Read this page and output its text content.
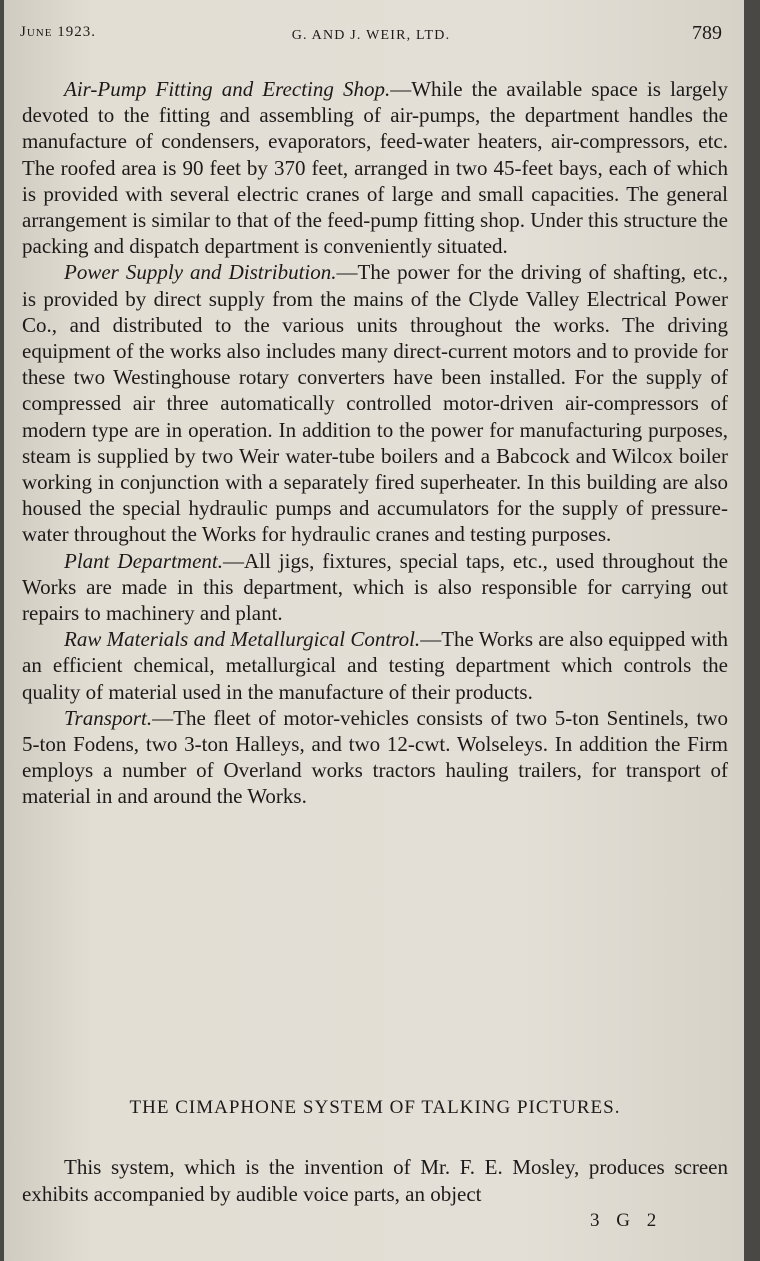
June 1923.	G. AND J. WEIR, LTD.	789

Air-Pump Fitting and Erecting Shop.—While the available space is largely devoted to the fitting and assembling of air-pumps, the department handles the manufacture of condensers, evaporators, feed-water heaters, air-compressors, etc. The roofed area is 90 feet by 370 feet, arranged in two 45-feet bays, each of which is provided with several electric cranes of large and small capacities. The general arrangement is similar to that of the feed-pump fitting shop. Under this structure the packing and dispatch department is conveniently situated.

Power Supply and Distribution.—The power for the driving of shafting, etc., is provided by direct supply from the mains of the Clyde Valley Electrical Power Co., and distributed to the various units throughout the works. The driving equipment of the works also includes many direct-current motors and to provide for these two Westinghouse rotary converters have been installed. For the supply of compressed air three automatically controlled motor-driven air-compressors of modern type are in operation. In addition to the power for manufacturing purposes, steam is supplied by two Weir water-tube boilers and a Babcock and Wilcox boiler working in conjunction with a separately fired superheater. In this building are also housed the special hydraulic pumps and accumulators for the supply of pressure-water throughout the Works for hydraulic cranes and testing purposes.

Plant Department.—All jigs, fixtures, special taps, etc., used throughout the Works are made in this department, which is also responsible for carrying out repairs to machinery and plant.

Raw Materials and Metallurgical Control.—The Works are also equipped with an efficient chemical, metallurgical and testing department which controls the quality of material used in the manufacture of their products.

Transport.—The fleet of motor-vehicles consists of two 5-ton Sentinels, two 5-ton Fodens, two 3-ton Halleys, and two 12-cwt. Wolseleys. In addition the Firm employs a number of Overland works tractors hauling trailers, for transport of material in and around the Works.

THE CIMAPHONE SYSTEM OF TALKING PICTURES.

This system, which is the invention of Mr. F. E. Mosley, produces screen exhibits accompanied by audible voice parts, an object

3 G 2
